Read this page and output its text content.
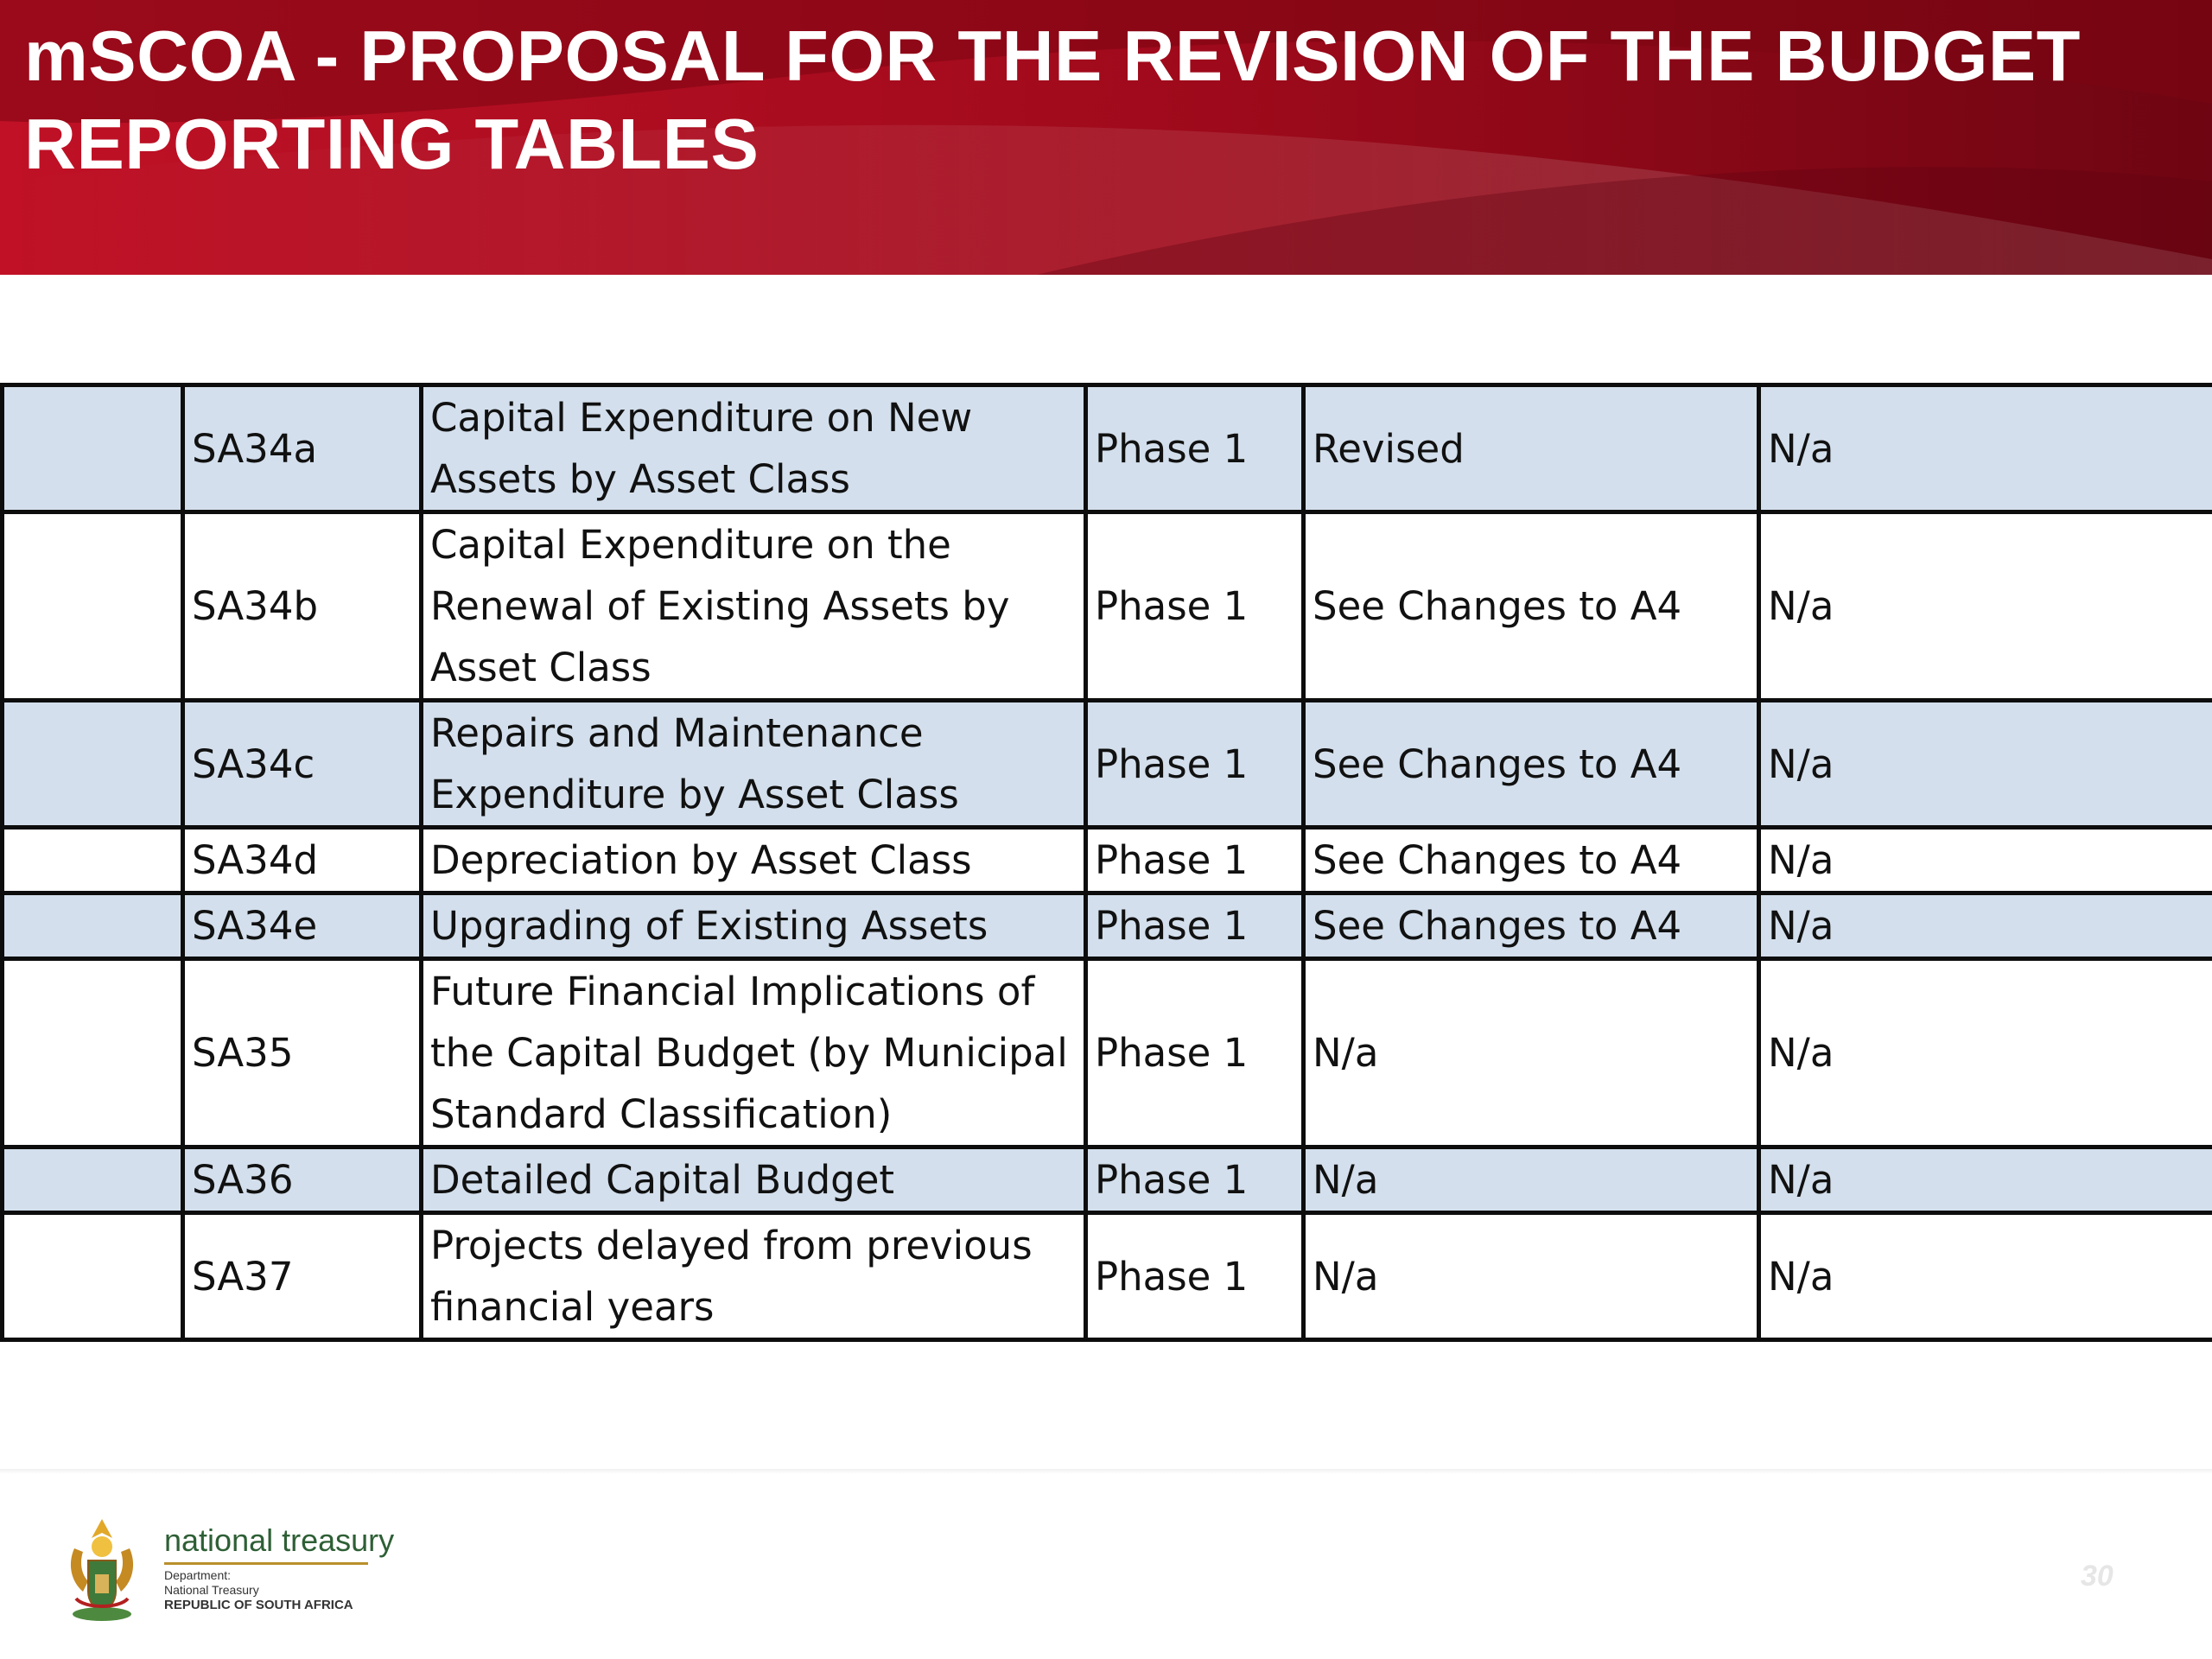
mSCOA - PROPOSAL FOR THE REVISION OF THE BUDGET REPORTING TABLES
	SA34a	Capital Expenditure on New Assets by Asset Class	Phase 1	Revised	N/a
	SA34b	Capital Expenditure on the Renewal of Existing Assets by Asset Class	Phase 1	See Changes to A4	N/a
	SA34c	Repairs and Maintenance Expenditure by Asset Class	Phase 1	See Changes to A4	N/a
	SA34d	Depreciation by Asset Class	Phase 1	See Changes to A4	N/a
	SA34e	Upgrading of Existing Assets	Phase 1	See Changes to A4	N/a
	SA35	Future Financial Implications of the Capital Budget (by Municipal Standard Classification)	Phase 1	N/a	N/a
	SA36	Detailed Capital Budget	Phase 1	N/a	N/a
	SA37	Projects delayed from previous financial years	Phase 1	N/a	N/a
national treasury
Department:
National Treasury
REPUBLIC OF SOUTH AFRICA
30
